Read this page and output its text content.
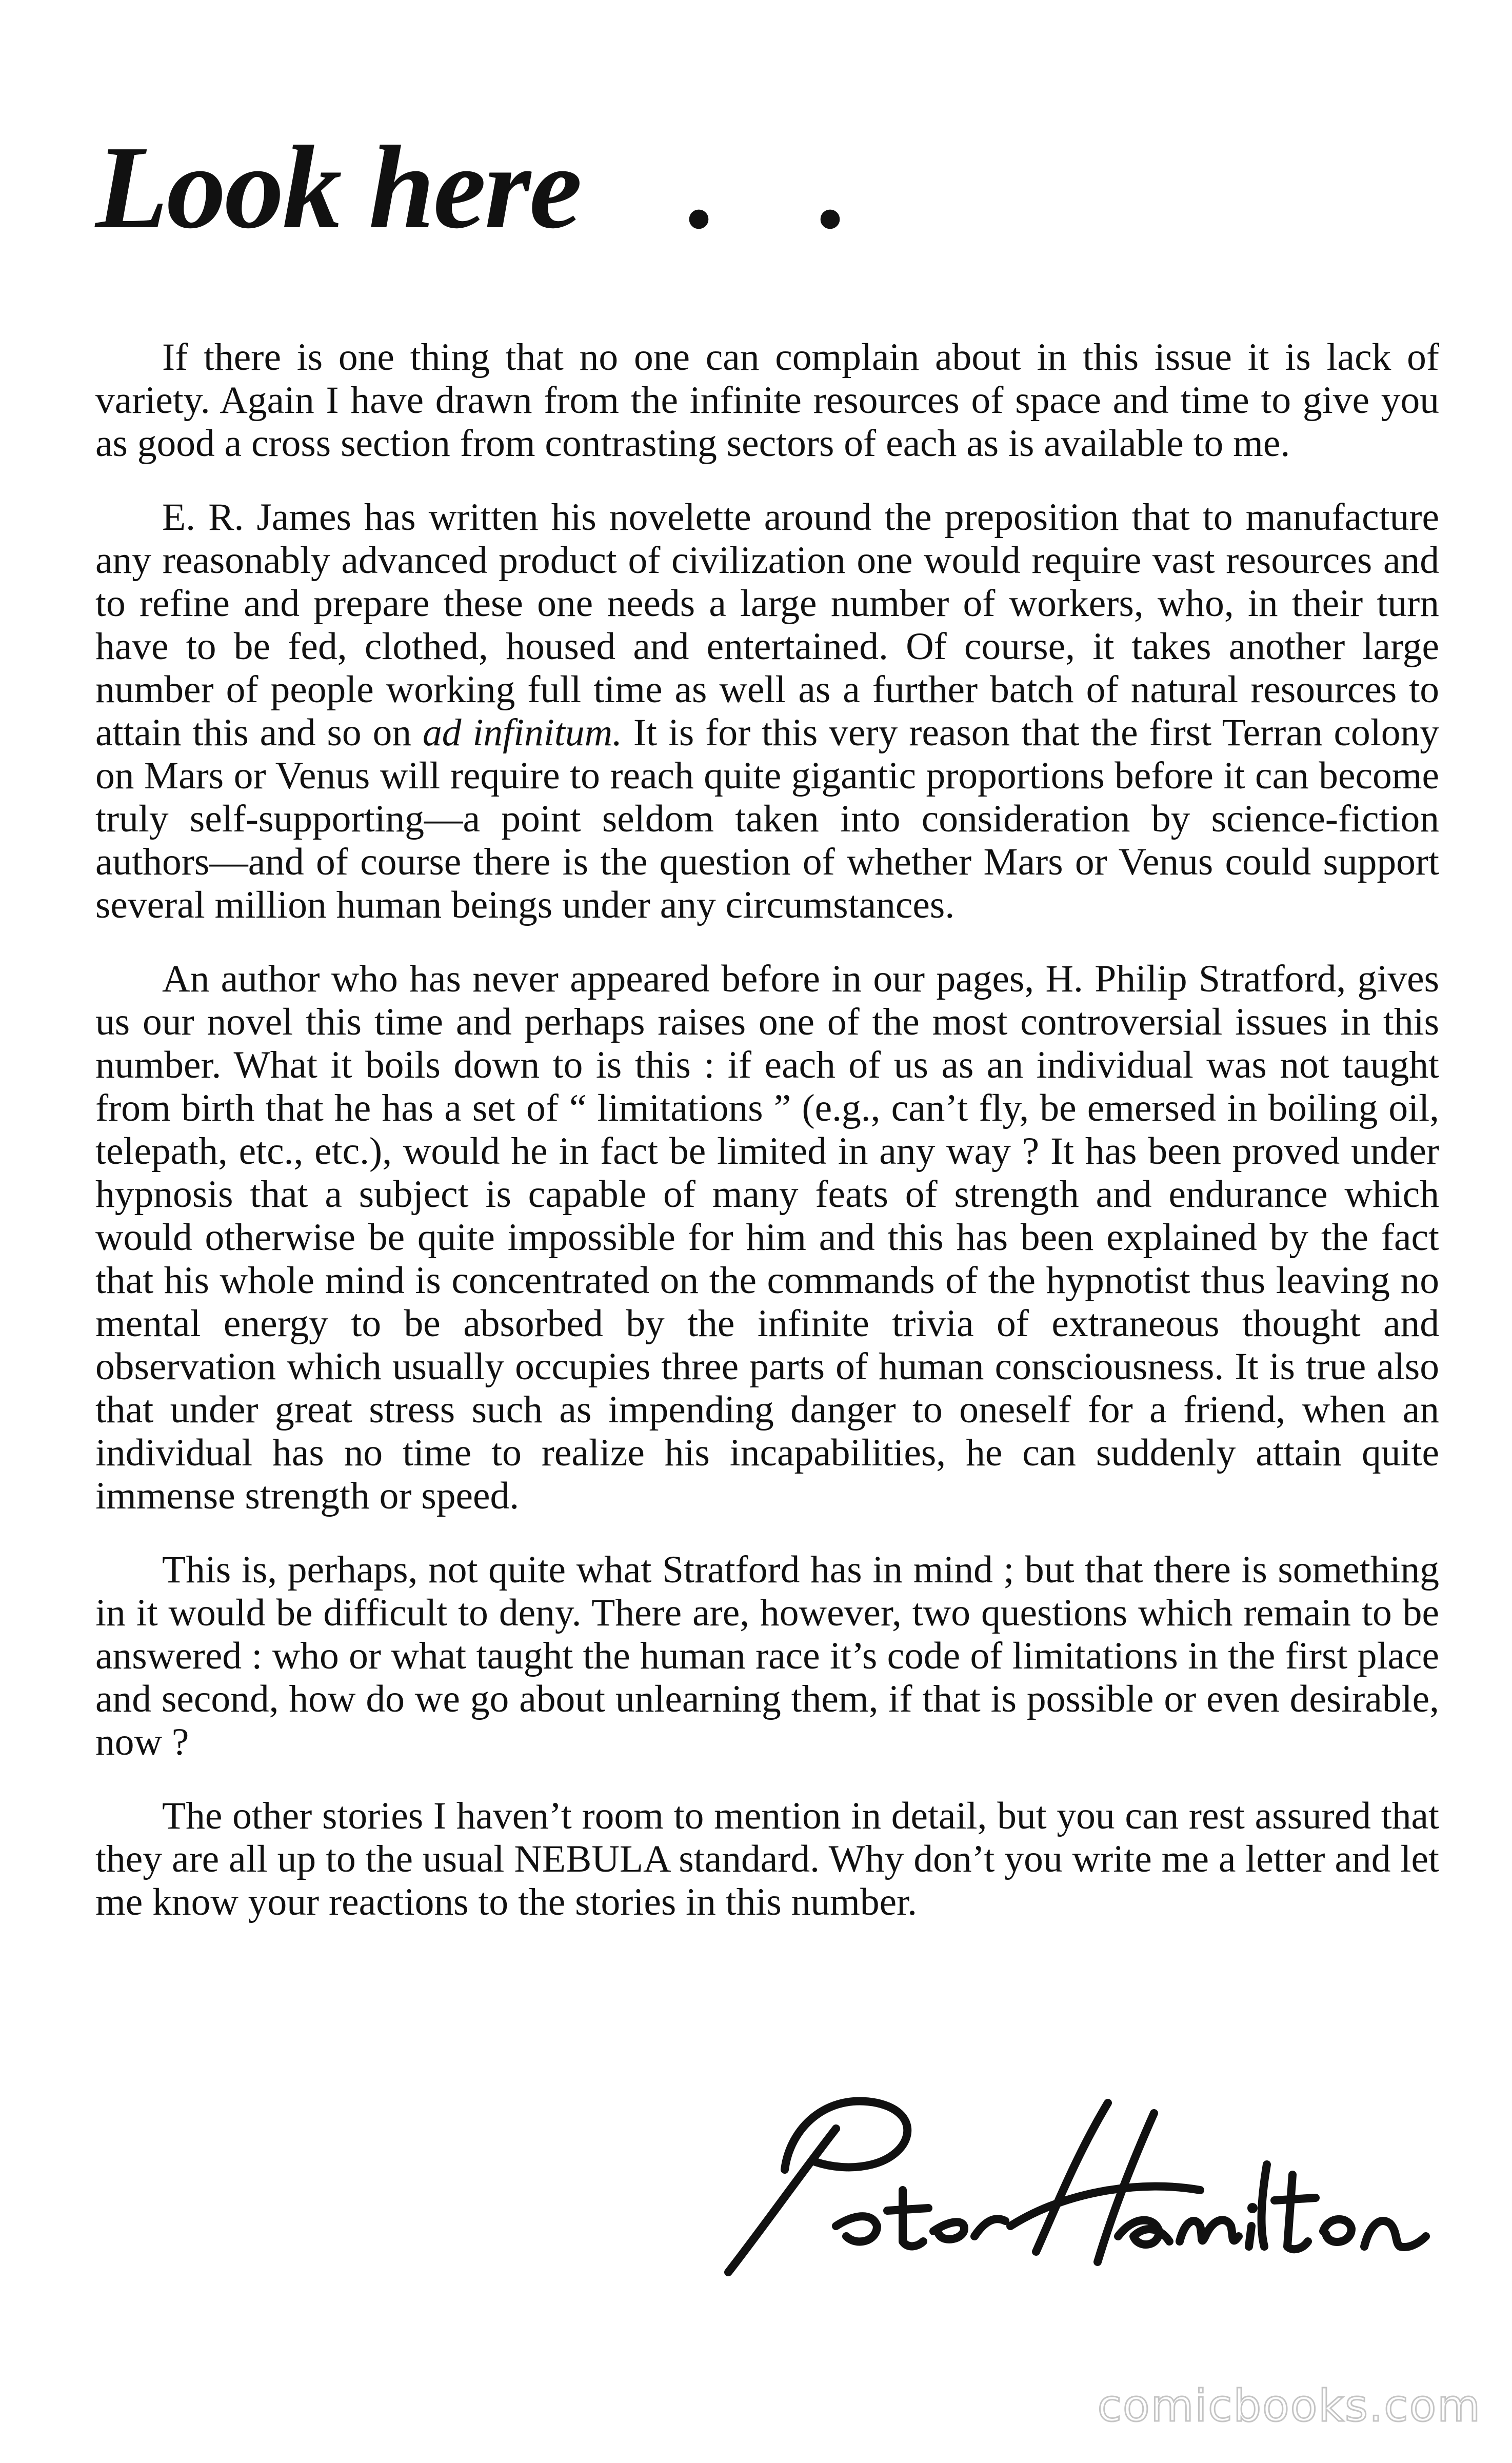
Look here . .

If there is one thing that no one can complain about in this issue it is lack of variety. Again I have drawn from the infinite resources of space and time to give you as good a cross section from contrasting sectors of each as is available to me.

E. R. James has written his novelette around the preposition that to manufacture any reasonably advanced product of civilization one would require vast resources and to refine and prepare these one needs a large number of workers, who, in their turn have to be fed, clothed, housed and entertained. Of course, it takes another large number of people working full time as well as a further batch of natural resources to attain this and so on ad infinitum. It is for this very reason that the first Terran colony on Mars or Venus will require to reach quite gigantic proportions before it can become truly self-supporting—a point seldom taken into consideration by science-fiction authors—and of course there is the question of whether Mars or Venus could support several million human beings under any circumstances.

An author who has never appeared before in our pages, H. Philip Stratford, gives us our novel this time and perhaps raises one of the most controversial issues in this number. What it boils down to is this : if each of us as an individual was not taught from birth that he has a set of “ limitations ” (e.g., can’t fly, be emersed in boiling oil, telepath, etc., etc.), would he in fact be limited in any way ? It has been proved under hypnosis that a subject is capable of many feats of strength and endurance which would otherwise be quite impossible for him and this has been explained by the fact that his whole mind is concentrated on the commands of the hypnotist thus leaving no mental energy to be absorbed by the infinite trivia of extraneous thought and observation which usually occupies three parts of human consciousness. It is true also that under great stress such as impending danger to oneself for a friend, when an individual has no time to realize his incapabilities, he can suddenly attain quite immense strength or speed.

This is, perhaps, not quite what Stratford has in mind ; but that there is something in it would be difficult to deny. There are, however, two questions which remain to be answered : who or what taught the human race it’s code of limitations in the first place and second, how do we go about unlearning them, if that is possible or even desirable, now ?

The other stories I haven’t room to mention in detail, but you can rest assured that they are all up to the usual NEBULA standard. Why don’t you write me a letter and let me know your reactions to the stories in this number.

comicbooks.com
